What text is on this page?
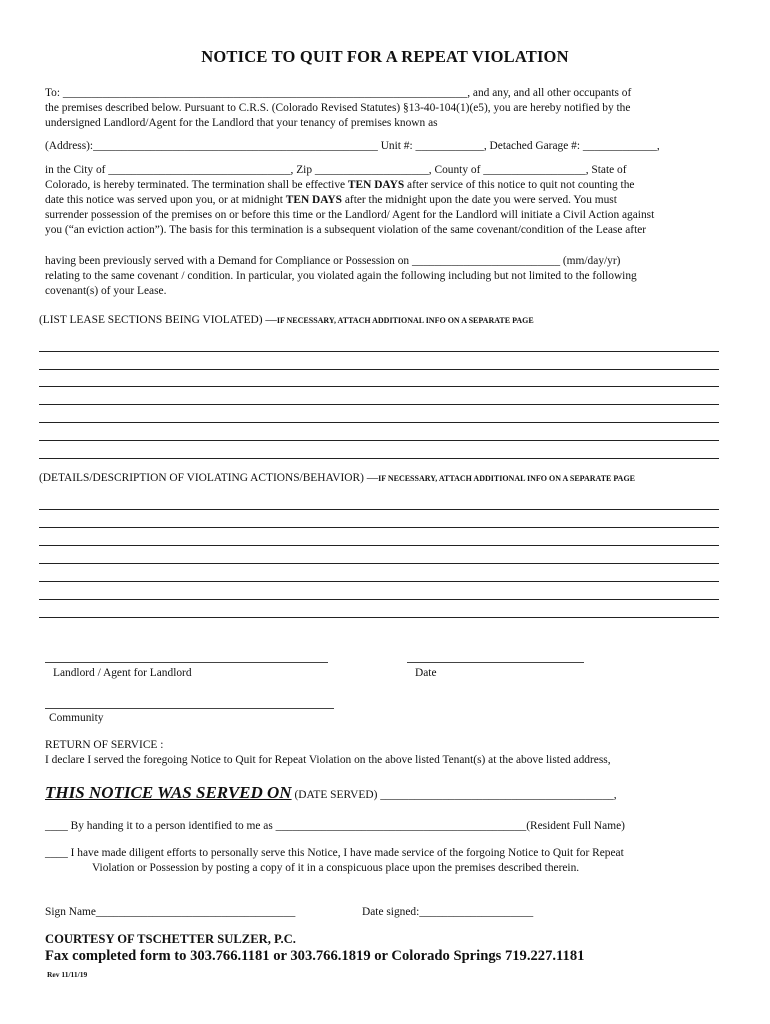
NOTICE TO QUIT FOR A REPEAT VIOLATION
To: _______________________________________________________________________, and any, and all other occupants of
the premises described below. Pursuant to C.R.S. (Colorado Revised Statutes) §13-40-104(1)(e5), you are hereby notified by the
undersigned Landlord/Agent for the Landlord that your tenancy of premises known as
(Address):__________________________________________________ Unit #: ____________, Detached Garage #: _____________,
in the City of ________________________________, Zip ____________________, County of __________________, State of
Colorado, is hereby terminated. The termination shall be effective TEN DAYS after service of this notice to quit not counting the
date this notice was served upon you, or at midnight TEN DAYS after the midnight upon the date you were served. You must
surrender possession of the premises on or before this time or the Landlord/ Agent for the Landlord will initiate a Civil Action against
you (“an eviction action”). The basis for this termination is a subsequent violation of the same covenant/condition of the Lease after
having been previously served with a Demand for Compliance or Possession on __________________________ (mm/day/yr)
relating to the same covenant / condition. In particular, you violated again the following including but not limited to the following
covenant(s) of your Lease.
(LIST LEASE SECTIONS BEING VIOLATED) —IF NECESSARY, ATTACH ADDITIONAL INFO ON A SEPARATE PAGE
(DETAILS/DESCRIPTION OF VIOLATING ACTIONS/BEHAVIOR) —IF NECESSARY, ATTACH ADDITIONAL INFO ON A SEPARATE PAGE
Landlord / Agent for Landlord	Date
Community
RETURN OF SERVICE :
I declare I served the foregoing Notice to Quit for Repeat Violation on the above listed Tenant(s) at the above listed address,
THIS NOTICE WAS SERVED ON (DATE SERVED) _________________________________________,
____ By handing it to a person identified to me as ____________________________________________(Resident Full Name)
____ I have made diligent efforts to personally serve this Notice, I have made service of the forgoing Notice to Quit for Repeat
Violation or Possession by posting a copy of it in a conspicuous place upon the premises described therein.
Sign Name___________________________________	Date signed:____________________
COURTESY OF TSCHETTER SULZER, P.C.
Fax completed form to 303.766.1181 or 303.766.1819 or Colorado Springs 719.227.1181
Rev 11/11/19
